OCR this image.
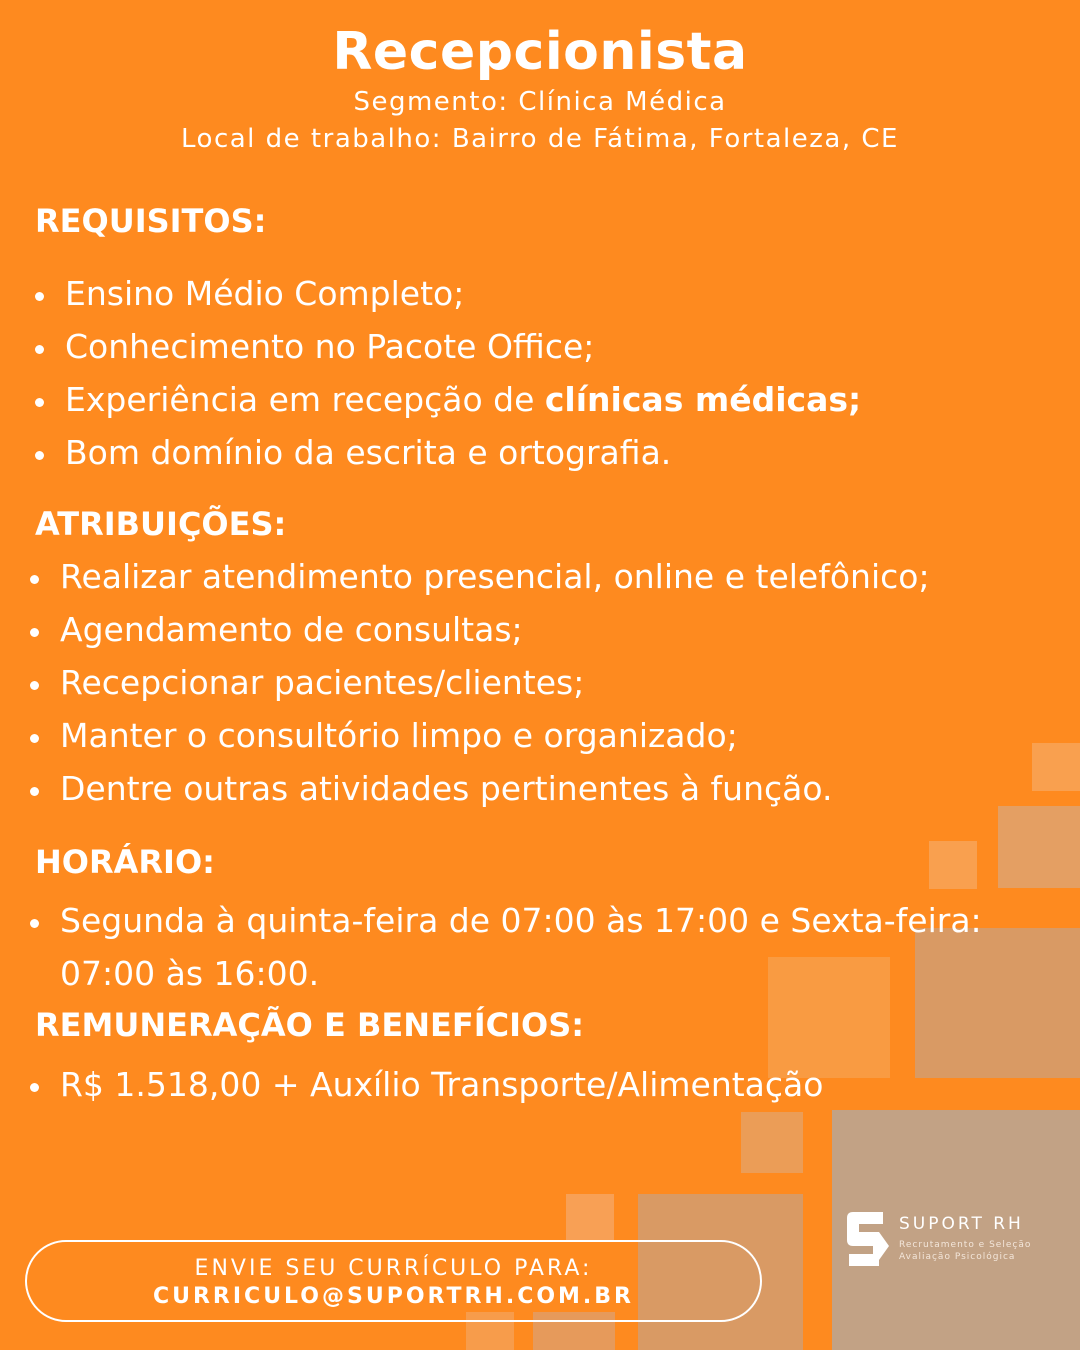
Recepcionista
Segmento: Clínica Médica
Local de trabalho: Bairro de Fátima, Fortaleza, CE
REQUISITOS:
Ensino Médio Completo;
Conhecimento no Pacote Office;
Experiência em recepção de clínicas médicas;
Bom domínio da escrita e ortografia.
ATRIBUIÇÕES:
Realizar atendimento presencial, online e telefônico;
Agendamento de consultas;
Recepcionar pacientes/clientes;
Manter o consultório limpo e organizado;
Dentre outras atividades pertinentes à função.
HORÁRIO:
Segunda à quinta-feira de 07:00 às 17:00 e Sexta-feira:
07:00 às 16:00.
REMUNERAÇÃO E BENEFÍCIOS:
R$ 1.518,00 + Auxílio Transporte/Alimentação
ENVIE SEU CURRÍCULO PARA:
CURRICULO@SUPORTRH.COM.BR
SUPORT RH
Recrutamento e Seleção
Avaliação Psicológica
